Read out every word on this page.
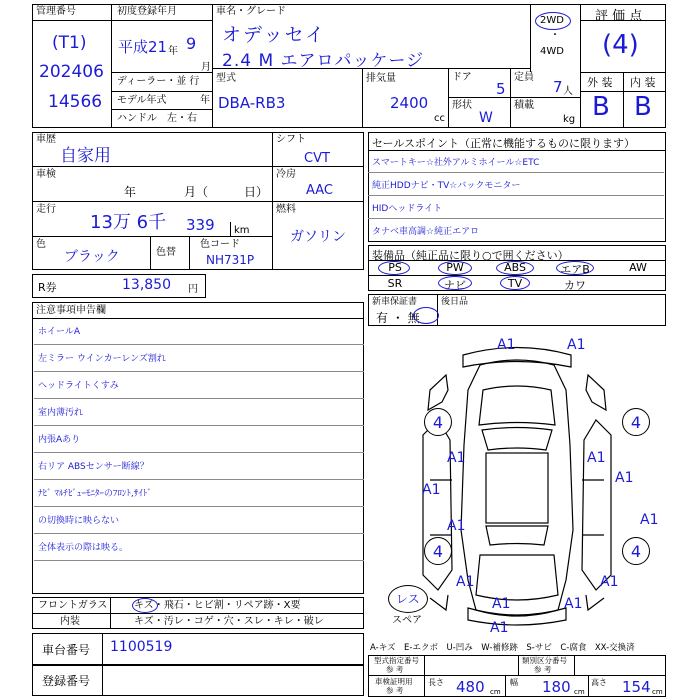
管理番号
(T1)
202406
14566
初度登録年月
平成21 年 9
月
ディーラー・並 行
モデル年式	年
ハンドル　左・右
車名・グレード
オデッセイ
2.4 M エアロパッケージ
2WD
・
4WD
評 価 点
(4)
外 装 内 装
B B
型式
DBA-RB3
排気量
2400
cc
ドア
5
定員
7 人
形状
W
積載
kg
車歴
自家用
車検
年	月（	日）
走行
13万 6千 339 km
色
ブラック	色替
色コード
NH731P
シフト
CVT
冷房
AAC
燃料
ガソリン
R券	13,850 円
注意事項申告欄
ホイールA
左ミラー ウインカーレンズ割れ
ヘッドライトくすみ
室内薄汚れ
内張Aあり
右リア ABSセンサー断線？
ﾅﾋﾞ ﾏﾙﾁﾋﾞｭｰﾓﾆﾀｰのﾌﾛﾝﾄ,ｻｲﾄﾞ
の切換時に映らない
全体表示の際は映る。
フロントガラス	キズ・飛石・ヒビ割・リペア跡・X要
内装	キズ・汚レ・コゲ・穴・スレ・キレ・破レ
車台番号 1100519
登録番号
セールスポイント（正常に機能するものに限ります）
スマートキー☆社外アルミホイール☆ETC
純正HDDナビ・TV☆バックモニター
HIDヘッドライト
タナベ車高調☆純正エアロ
装備品（純正品に限り○で囲ください）
PS	PW	ABS	エアB	AW
SR	ナビ	TV	カワ
新車保証書
有 ・ 無
後日品
4	4
4	4
A1	A1
A1	A1
A1
A1
A1	A1
A1	A1
A1	A1
A1
レス
スペア
A-キズ　E-エクボ　U-凹み　W-補修跡　S-サビ　C-腐食　XX-交換済
型式指定番号
参 考
類別区分番号
参 考
車検証明用
参 考
長さ 480 cm
幅 180 cm
高さ 154 cm
